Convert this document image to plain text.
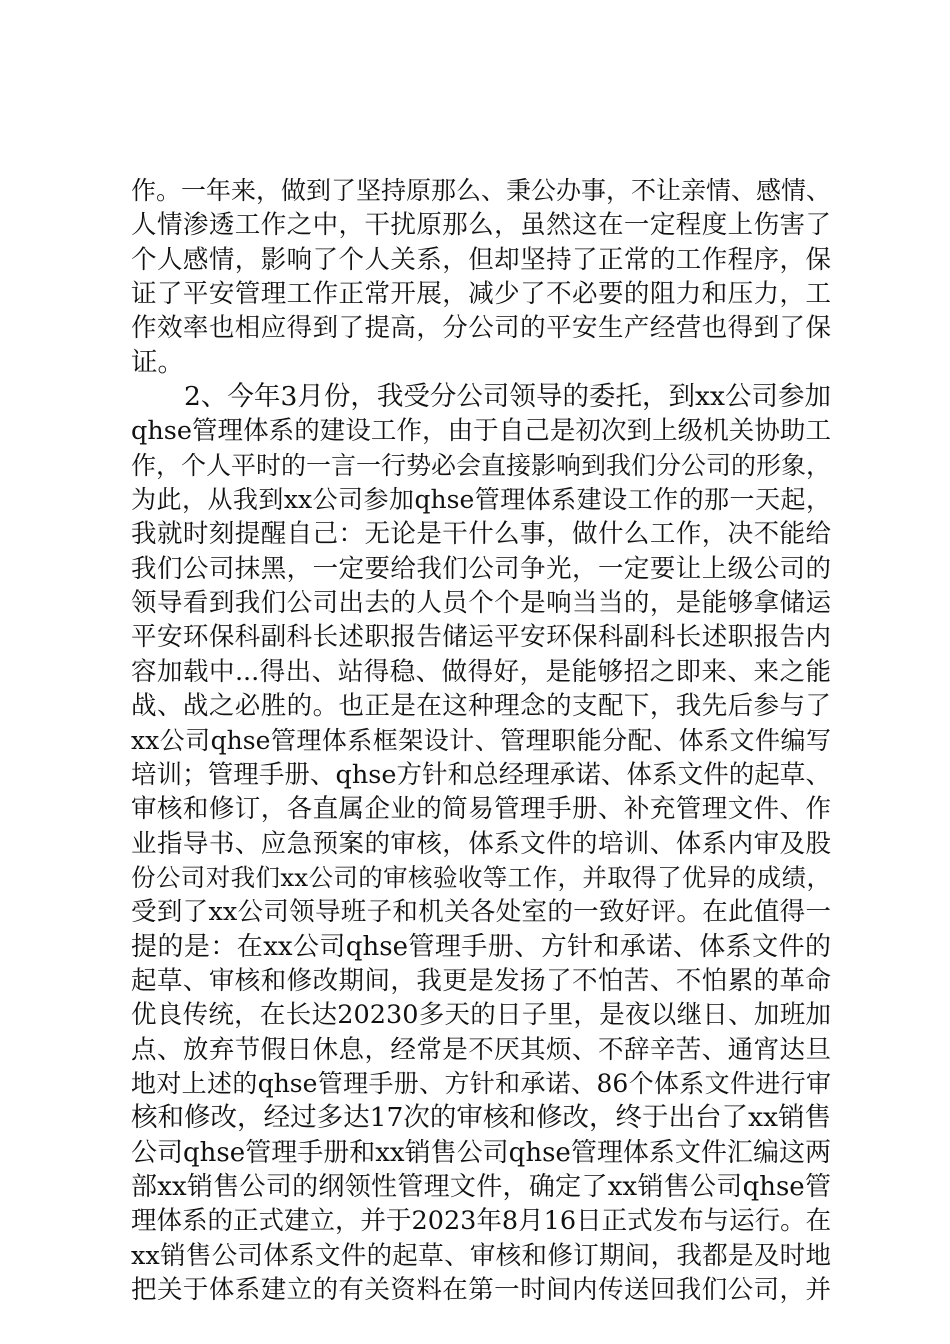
作。一年来，做到了坚持原那么、秉公办事，不让亲情、感情、
人情渗透工作之中，干扰原那么，虽然这在一定程度上伤害了
个人感情，影响了个人关系，但却坚持了正常的工作程序，保
证了平安管理工作正常开展，减少了不必要的阻力和压力，工
作效率也相应得到了提高，分公司的平安生产经营也得到了保
证。
　　2、今年3月份，我受分公司领导的委托，到xx公司参加
qhse管理体系的建设工作，由于自己是初次到上级机关协助工
作，个人平时的一言一行势必会直接影响到我们分公司的形象，
为此，从我到xx公司参加qhse管理体系建设工作的那一天起，
我就时刻提醒自己：无论是干什么事，做什么工作，决不能给
我们公司抹黑，一定要给我们公司争光，一定要让上级公司的
领导看到我们公司出去的人员个个是响当当的，是能够拿储运
平安环保科副科长述职报告储运平安环保科副科长述职报告内
容加载中...得出、站得稳、做得好，是能够招之即来、来之能
战、战之必胜的。也正是在这种理念的支配下，我先后参与了
xx公司qhse管理体系框架设计、管理职能分配、体系文件编写
培训；管理手册、qhse方针和总经理承诺、体系文件的起草、
审核和修订，各直属企业的简易管理手册、补充管理文件、作
业指导书、应急预案的审核，体系文件的培训、体系内审及股
份公司对我们xx公司的审核验收等工作，并取得了优异的成绩，
受到了xx公司领导班子和机关各处室的一致好评。在此值得一
提的是：在xx公司qhse管理手册、方针和承诺、体系文件的
起草、审核和修改期间，我更是发扬了不怕苦、不怕累的革命
优良传统，在长达20230多天的日子里，是夜以继日、加班加
点、放弃节假日休息，经常是不厌其烦、不辞辛苦、通宵达旦
地对上述的qhse管理手册、方针和承诺、86个体系文件进行审
核和修改，经过多达17次的审核和修改，终于出台了xx销售
公司qhse管理手册和xx销售公司qhse管理体系文件汇编这两
部xx销售公司的纲领性管理文件，确定了xx销售公司qhse管
理体系的正式建立，并于2023年8月16日正式发布与运行。在
xx销售公司体系文件的起草、审核和修订期间，我都是及时地
把关于体系建立的有关资料在第一时间内传送回我们公司，并
